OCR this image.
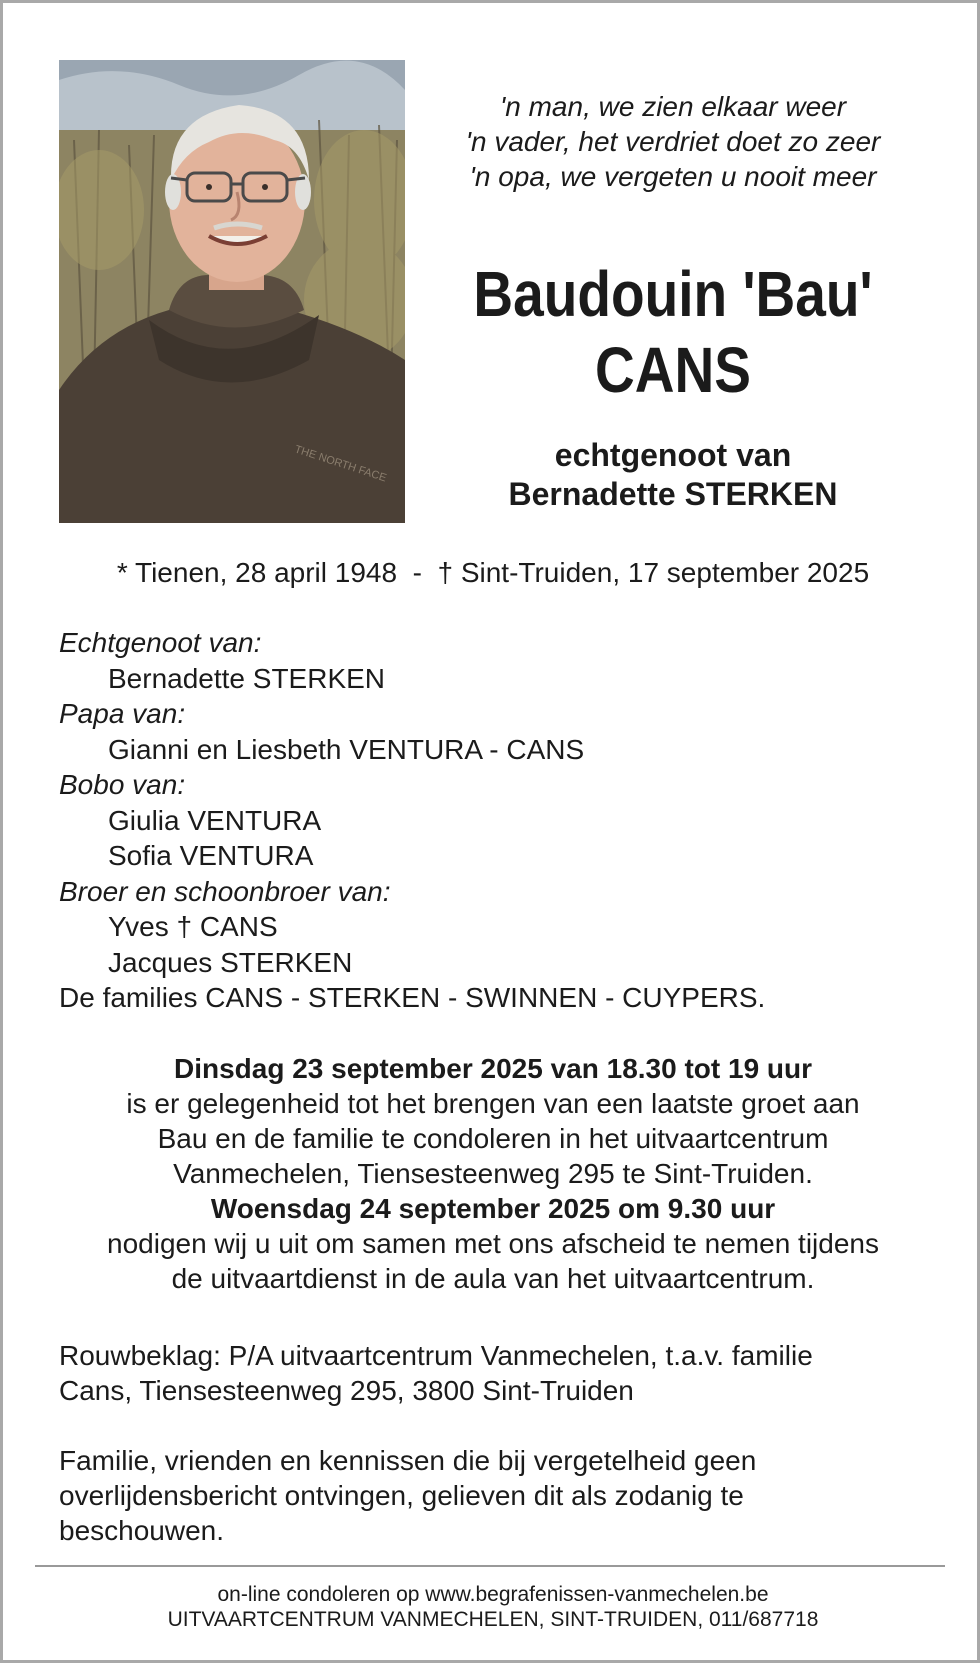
THE NORTH FACE
'n man, we zien elkaar weer
'n vader, het verdriet doet zo zeer
'n opa, we vergeten u nooit meer
Baudouin 'Bau'
CANS
echtgenoot van
Bernadette STERKEN
* Tienen, 28 april 1948  -  † Sint-Truiden, 17 september 2025
Echtgenoot van:
Bernadette STERKEN
Papa van:
Gianni en Liesbeth VENTURA - CANS
Bobo van:
Giulia VENTURA
Sofia VENTURA
Broer en schoonbroer van:
Yves † CANS
Jacques STERKEN
De families CANS - STERKEN - SWINNEN - CUYPERS.
Dinsdag 23 september 2025 van 18.30 tot 19 uur
is er gelegenheid tot het brengen van een laatste groet aan
Bau en de familie te condoleren in het uitvaartcentrum
Vanmechelen, Tiensesteenweg 295 te Sint-Truiden.
Woensdag 24 september 2025 om 9.30 uur
nodigen wij u uit om samen met ons afscheid te nemen tijdens
de uitvaartdienst in de aula van het uitvaartcentrum.
Rouwbeklag: P/A uitvaartcentrum Vanmechelen, t.a.v. familie
Cans, Tiensesteenweg 295, 3800 Sint-Truiden
Familie, vrienden en kennissen die bij vergetelheid geen
overlijdensbericht ontvingen, gelieven dit als zodanig te
beschouwen.
on-line condoleren op www.begrafenissen-vanmechelen.be
UITVAARTCENTRUM VANMECHELEN, SINT-TRUIDEN, 011/687718
